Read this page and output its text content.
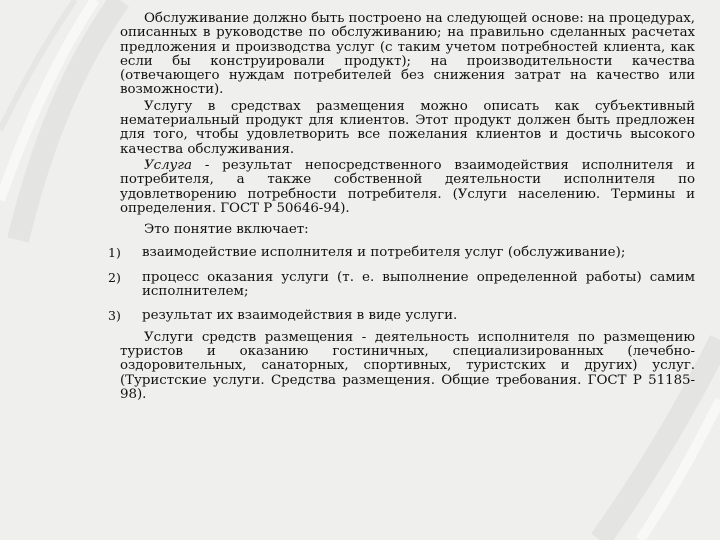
Обслуживание должно быть построено на следующей основе: на процедурах, описанных в руководстве по обслуживанию; на правильно сделанных расчетах предложения и производства услуг (с таким учетом потребностей клиента, как если бы конструировали продукт); на производительности качества (отвечающего нуждам потребителей без снижения затрат на качество или возможности).

Услугу в средствах размещения можно описать как субъективный нематериальный продукт для клиентов. Этот продукт должен быть предложен для того, чтобы удовлетворить все пожелания клиентов и достичь высокого качества обслуживания.

Услуга - результат непосредственного взаимодействия исполнителя и потребителя, а также собственной деятельности исполнителя по удовлетворению потребности потребителя. (Услуги населению. Термины и определения. ГОСТ Р 50646-94).

Это понятие включает:

1) взаимодействие исполнителя и потребителя услуг (обслуживание);

2) процесс оказания услуги (т. е. выполнение определенной работы) самим исполнителем;

3) результат их взаимодействия в виде услуги.

Услуги средств размещения - деятельность исполнителя по размещению туристов и оказанию гостиничных, специализированных (лечебно-оздоровительных, санаторных, спортивных, туристских и других) услуг. (Туристские услуги. Средства размещения. Общие требования. ГОСТ Р 51185-98).
